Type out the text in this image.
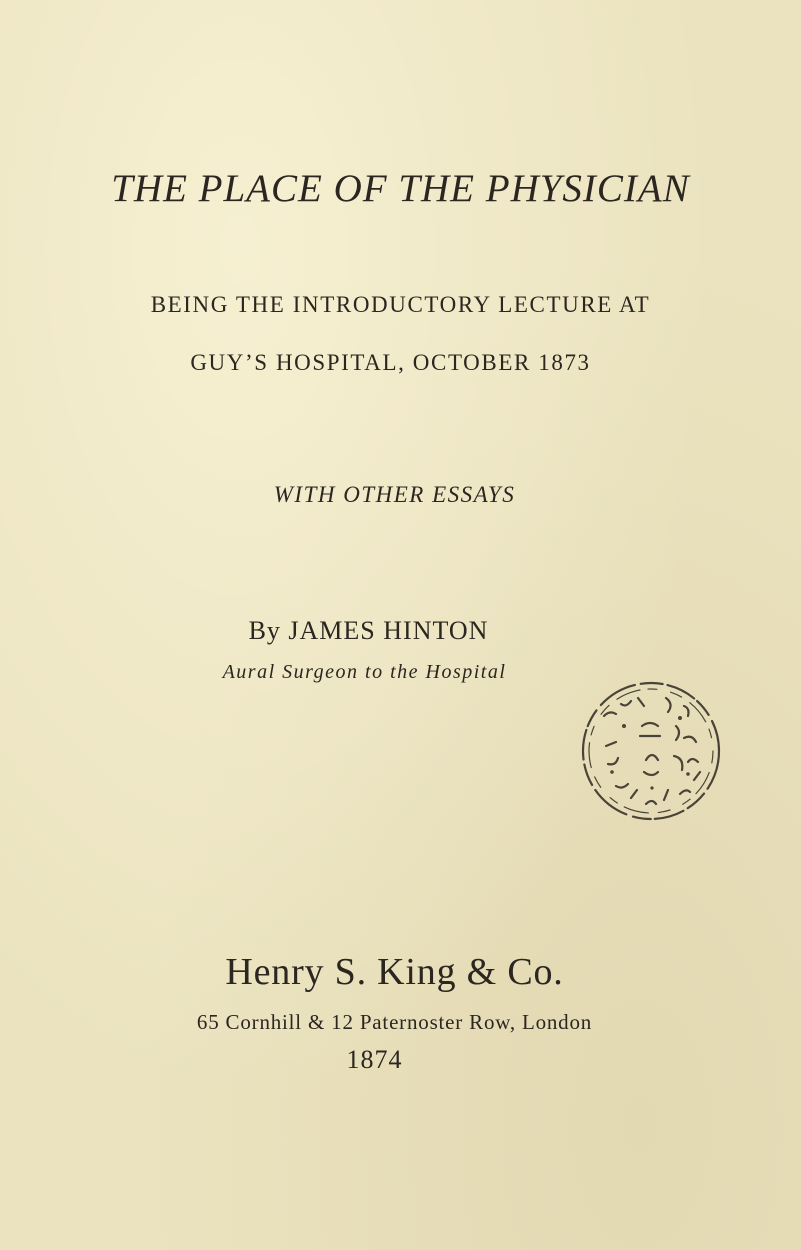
THE PLACE OF THE PHYSICIAN
BEING THE INTRODUCTORY LECTURE AT
GUY’S HOSPITAL, OCTOBER 1873
WITH OTHER ESSAYS
By JAMES HINTON
Aural Surgeon to the Hospital
Henry S. King & Co.
65 Cornhill & 12 Paternoster Row, London
1874
